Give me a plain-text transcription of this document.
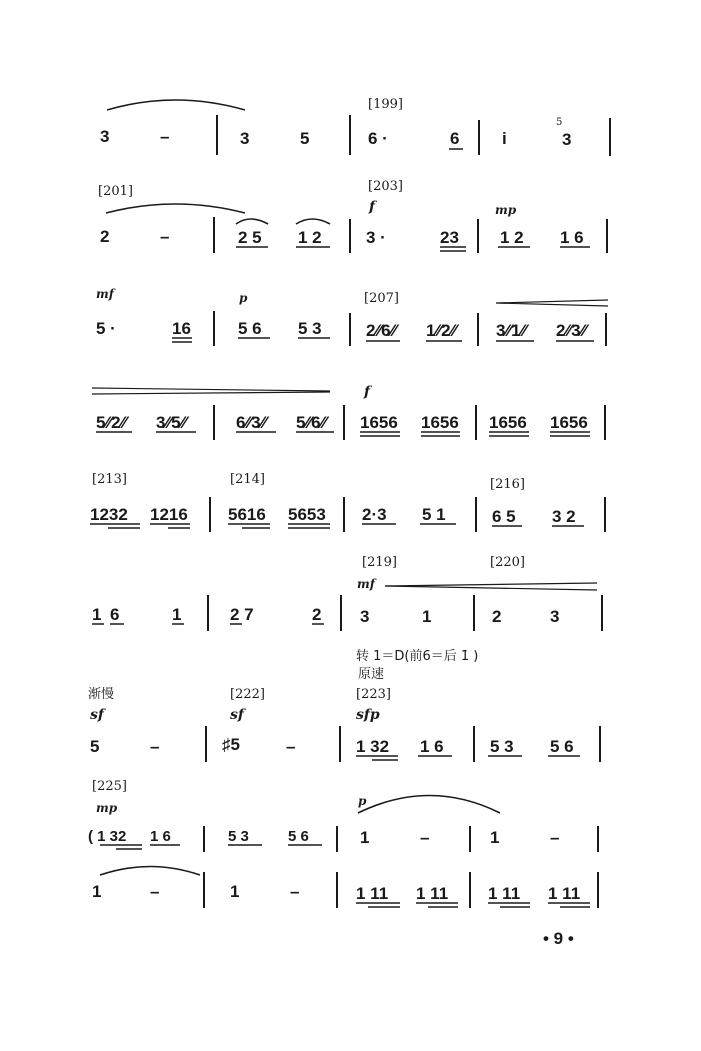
[199]
3	–	3	5	6 ·	6	i
5
3
[201]	[203]
f	mp
2	–	2 5 1 2	3 ·	23 1 2 1 6
mf	p	[207]
5 ·	16	5 6 5 3	2⁄⁄6⁄⁄ 1⁄⁄2⁄⁄ 3⁄⁄1⁄⁄ 2⁄⁄3⁄⁄
f
5⁄⁄2⁄⁄ 3⁄⁄5⁄⁄	6⁄⁄3⁄⁄ 5⁄⁄6⁄⁄ 1656 1656 1656 1656
[213]	[214]	[216]
1232 1216 5616 5653 2·3 5 1	6 5 3 2
[219]	[220]
mf
1 6	1	2 7	2 3	1	2	3
转 1＝D(前6＝后 1̇ )
原速
渐慢	[222]	[223]
sf	sf	sfp
5	–	♯5	–	1 32 1 6	5 3 5 6
[225]
mp	p
( 1 32 1 6	5 3	5 6	1	–	1	–
1	–	1	–	1 11 1 11 1 11 1 11
• 9 •
